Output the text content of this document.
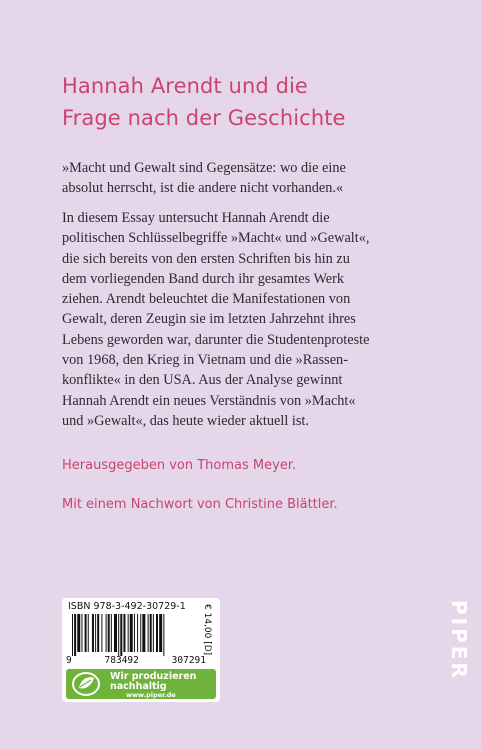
Hannah Arendt und die
Frage nach der Geschichte
»Macht und Gewalt sind Gegensätze: wo die eine
absolut herrscht, ist die andere nicht vorhanden.«
In diesem Essay untersucht Hannah Arendt die
politischen Schlüsselbegriffe »Macht« und »Gewalt«,
die sich bereits von den ersten Schriften bis hin zu
dem vorliegenden Band durch ihr gesamtes Werk
ziehen. Arendt beleuchtet die Manifestationen von
Gewalt, deren Zeugin sie im letzten Jahrzehnt ihres
Lebens geworden war, darunter die Studentenproteste
von 1968, den Krieg in Vietnam und die »Rassen-
konflikte« in den USA. Aus der Analyse gewinnt
Hannah Arendt ein neues Verständnis von »Macht«
und »Gewalt«, das heute wieder aktuell ist.
Herausgegeben von Thomas Meyer.
Mit einem Nachwort von Christine Blättler.
ISBN 978-3-492-30729-1
9	783492	307291
€ 14,00 [D]
Wir produzieren
nachhaltig
www.piper.de
PIPER
